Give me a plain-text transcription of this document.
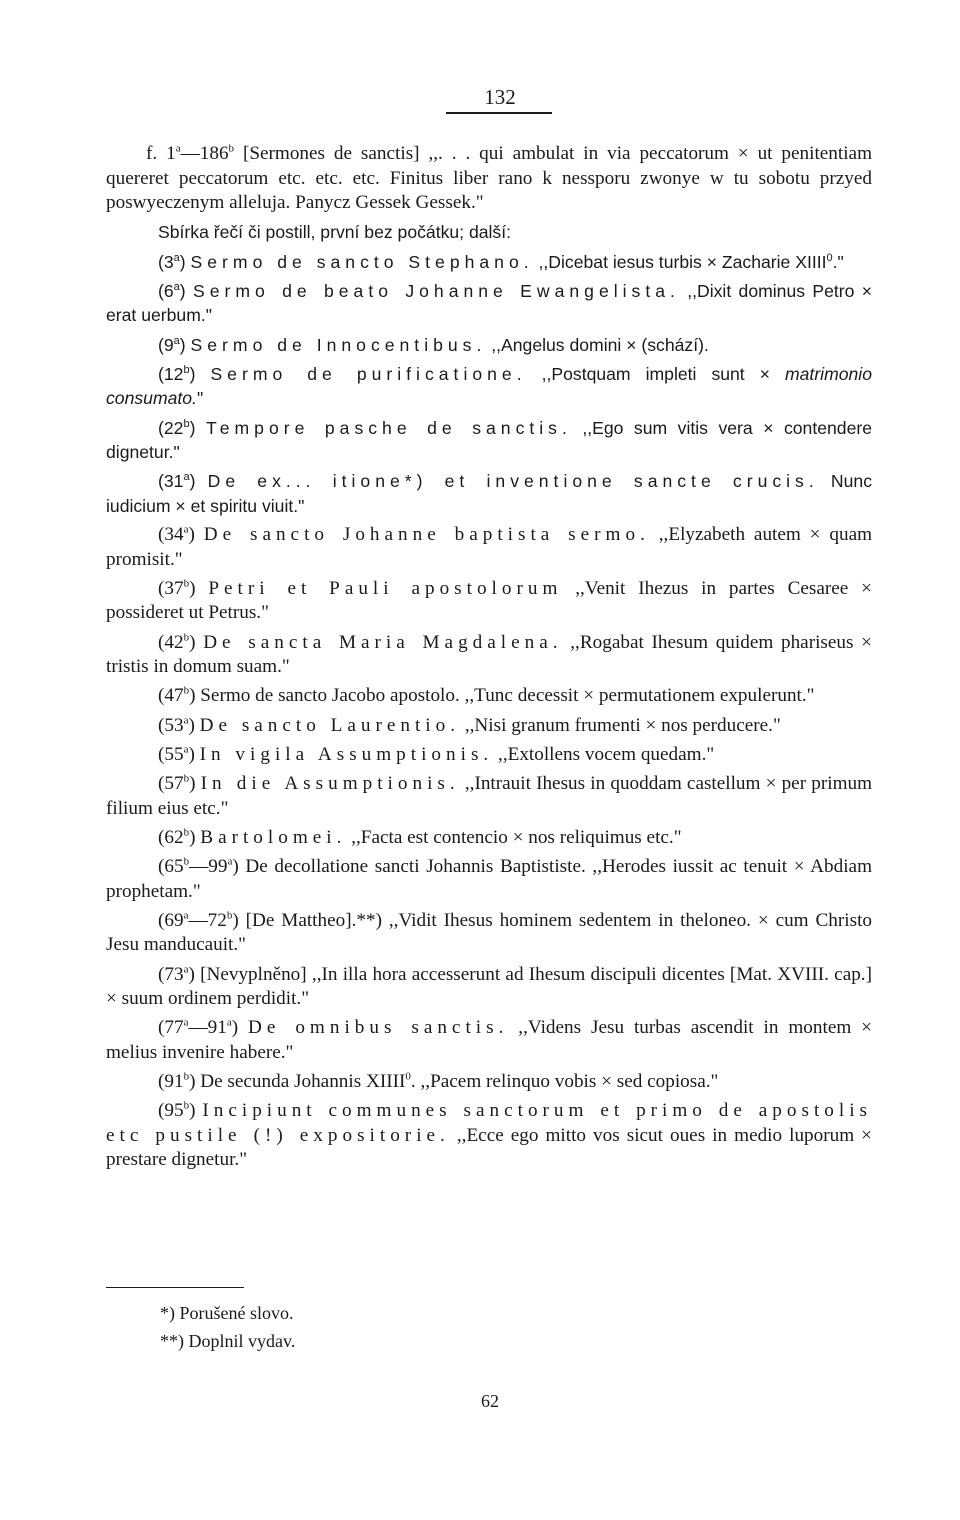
132

f. 1$^a$—186$^b$ [Sermones de sanctis] ,,. . . qui ambulat in via peccatorum × ut penitentiam quereret peccatorum etc. etc. etc. Finitus liber rano k nessporu zwonye w tu sobotu przyed poswyeczenym alleluja. Panycz Gessek Gessek."

Sbírka řečí či postill, první bez počátku; další:

(3$^a$) Sermo de sancto Stephano. ,,Dicebat iesus turbis × Zacharie XIIII$^0$."

(6$^a$) Sermo de beato Johanne Ewangelista. ,,Dixit dominus Petro × erat uerbum."

(9$^a$) Sermo de Innocentibus. ,,Angelus domini × (schází).

(12$^b$) Sermo de purificatione. ,,Postquam impleti sunt × matrimonio consumato."

(22$^b$) Tempore pasche de sanctis. ,,Ego sum vitis vera × contendere dignetur."

(31$^a$) De ex... itione*) et inventione sancte crucis. Nunc iudicium × et spiritu viuit."

(34$^a$) De sancto Johanne baptista sermo. ,,Elyzabeth autem × quam promisit."

(37$^b$) Petri et Pauli apostolorum ,,Venit Ihezus in partes Cesaree × possideret ut Petrus."

(42$^b$) De sancta Maria Magdalena. ,,Rogabat Ihesum quidem phariseus × tristis in domum suam."

(47$^b$) Sermo de sancto Jacobo apostolo. ,,Tunc decessit × permutationem expulerunt."

(53$^a$) De sancto Laurentio. ,,Nisi granum frumenti × nos perducere."

(55$^a$) In vigila Assumptionis. ,,Extollens vocem quedam."

(57$^b$) In die Assumptionis. ,,Intrauit Ihesus in quoddam castellum × per primum filium eius etc."

(62$^b$) Bartolomei. ,,Facta est contencio × nos reliquimus etc."

(65$^b$—99$^a$) De decollatione sancti Johannis Baptististe. ,,Herodes iussit ac tenuit × Abdiam prophetam."

(69$^a$—72$^b$) [De Mattheo].**) ,,Vidit Ihesus hominem sedentem in theloneo. × cum Christo Jesu manducauit."

(73$^a$) [Nevyplněno] ,,In illa hora accesserunt ad Ihesum discipuli dicentes [Mat. XVIII. cap.] × suum ordinem perdidit."

(77$^a$—91$^a$) De omnibus sanctis. ,,Videns Jesu turbas ascendit in montem × melius invenire habere."

(91$^b$) De secunda Johannis XIIII$^0$. ,,Pacem relinquo vobis × sed copiosa."

(95$^b$) Incipiunt communes sanctorum et primo de apostolis etc pustile (!) expositorie. ,,Ecce ego mitto vos sicut oues in medio luporum × prestare dignetur."

*) Porušené slovo.

**) Doplnil vydav.

62
